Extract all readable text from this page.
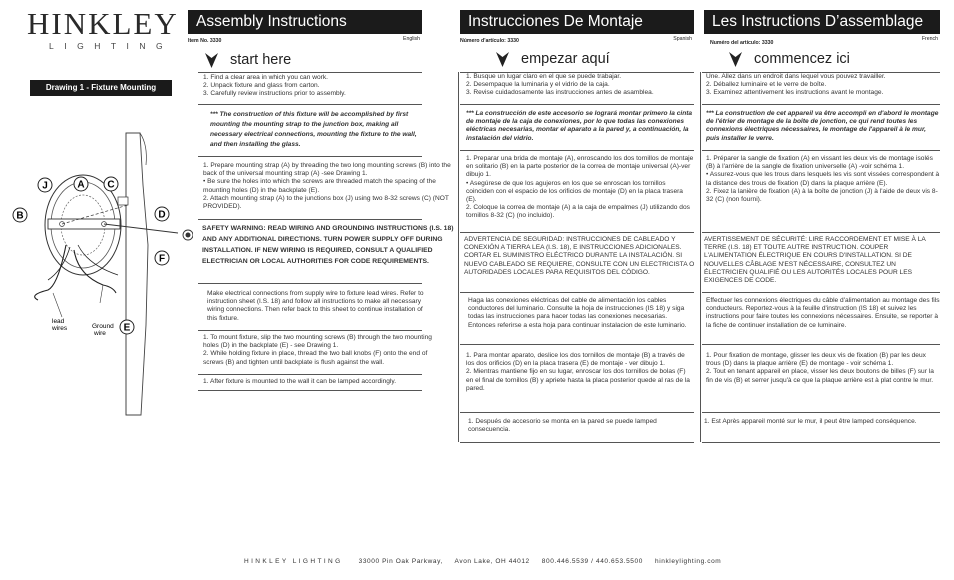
HINKLEY
LIGHTING
Drawing 1 - Fixture Mounting
J	A C
B	D
F
E
lead wires	Ground wire
Assembly Instructions
Item No. 3330	English
start here
1. Find a clear area in which you can work.
2. Unpack fixture and glass from carton.
3. Carefully review instructions prior to assembly.
*** The construction of this fixture will be accomplished by first mounting the mounting strap to the junction box, making all necessary electrical connections, mounting the fixture to the wall, and then installing the glass.
1. Prepare mounting strap (A) by threading the two long mounting screws (B) into the back of the universal mounting strap (A) -see Drawing 1.
• Be sure the holes into which the screws are threaded match the spacing of the mounting holes (D) in the backplate (E).
2. Attach mounting strap (A) to the junctions box (J) using two 8-32 screws (C) (NOT PROVIDED).
SAFETY WARNING: READ WIRING AND GROUNDING INSTRUCTIONS (I.S. 18) AND ANY ADDITIONAL DIRECTIONS. TURN POWER SUPPLY OFF DURING INSTALLATION. IF NEW WIRING IS REQUIRED, CONSULT A QUALIFIED ELECTRICIAN OR LOCAL AUTHORITIES FOR CODE REQUIREMENTS.
Make electrical connections from supply wire to fixture lead wires. Refer to instruction sheet (I.S. 18) and follow all instructions to make all necessary wiring connections. Then refer back to this sheet to continue installation of this fixture.
1. To mount fixture, slip the two mounting screws (B) through the two mounting holes (D) in the backplate (E) - see Drawing 1.
2. While holding fixture in place, thread the two ball knobs (F) onto the end of screws (B) and tighten until backplate is flush against the wall.
1. After fixture is mounted to the wall it can be lamped accordingly.
Instrucciones De Montaje
Número d'artículo: 3330	Spanish
empezar aquí
1. Busque un lugar claro en el que se puede trabajar.
2. Desempaque la luminaria y el vidrio de la caja.
3. Revise cuidadosamente las instrucciones antes de asamblea.
*** La construcción de este accesorio se logrará montar primero la cinta de montaje de la caja de conexiones, por lo que todas las conexiones eléctricas necesarias, montar el aparato a la pared y, a continuación, la instalación del vidrio.
1. Preparar una brida de montaje (A), enroscando los dos tornillos de montaje en solitario (B) en la parte posterior de la correa de montaje universal (A)-ver dibujo 1.
• Asegúrese de que los agujeros en los que se enroscan los tornillos coinciden con el espacio de los orificios de montaje (D) en la placa trasera (E).
2. Coloque la correa de montaje (A) a la caja de empalmes (J) utilizando dos tornillos 8-32 (C) (no incluido).
ADVERTENCIA DE SEGURIDAD: INSTRUCCIONES DE CABLEADO Y CONEXIÓN A TIERRA LEA (I.S. 18), E INSTRUCCIONES ADICIONALES. CORTAR EL SUMINISTRO ELÉCTRICO DURANTE LA INSTALACIÓN. SI NUEVO CABLEADO SE REQUIERE, CONSULTE CON UN ELECTRICISTA O AUTORIDADES LOCALES PARA REQUISITOS DEL CÓDIGO.
Haga las conexiones eléctricas del cable de alimentación los cables conductores del luminario. Consulte la hoja de instrucciones (IS 18) y siga todas las instrucciones para hacer todas las conexiones necesarias. Entonces referirse a esta hoja para continuar instalacion de este luminario.
1. Para montar aparato, deslice los dos tornillos de montaje (B) a través de los dos orificios (D) en la placa trasera (E) de montaje - ver dibujo 1.
2. Mientras mantiene fijo en su lugar, enroscar los dos tornillos de bolas (F) en el final de tornillos (B) y apriete hasta la placa posterior quede al ras de la pared.
1. Después de accesorio se monta en la pared se puede lamped consecuencia.
Les Instructions D’assemblage
Numéro del artículo: 3330
French
commencez ici
Une. Allez dans un endroit dans lequel vous pouvez travailler.
2. Déballez luminaire et le verre de boîte.
3. Examinez attentivement les instructions avant le montage.
*** La construction de cet appareil va être accompli en d'abord le montage de l'étrier de montage de la boîte de jonction, ce qui rend toutes les connexions électriques nécessaires, le montage de l'appareil à le mur, puis installer le verre.
1. Préparer la sangle de fixation (A) en vissant les deux vis de montage isolés (B) à l'arrière de la sangle de fixation universelle (A) -voir schéma 1.
• Assurez-vous que les trous dans lesquels les vis sont vissées correspondent à la distance des trous de fixation (D) dans la plaque arrière (E).
2. Fixez la lanière de fixation (A) à la boîte de jonction (J) à l'aide de deux vis 8-32 (C) (non fourni).
AVERTISSEMENT DE SÉCURITÉ: LIRE RACCORDEMENT ET MISE À LA TERRE (I.S. 18) ET TOUTE AUTRE INSTRUCTION. COUPER L'ALIMENTATION ÉLECTRIQUE EN COURS D'INSTALLATION. SI DE NOUVELLES CÂBLAGE N'EST NÉCESSAIRE, CONSULTEZ UN ÉLECTRICIEN QUALIFIÉ OU LES AUTORITÉS LOCALES POUR LES EXIGENCES DE CODE.
Effectuer les connexions électriques du câble d'alimentation au montage des fils conducteurs. Reportez-vous à la feuille d'instruction (IS 18) et suivez les instructions pour faire toutes les connexions nécessaires. Ensuite, se reporter à la fiche de continuer installation de ce luminaire.
1. Pour fixation de montage, glisser les deux vis de fixation (B) par les deux trous (D) dans la plaque arrière (E) de montage - voir schéma 1.
2. Tout en tenant appareil en place, visser les deux boutons de billes (F) sur la fin de vis (B) et serrer jusqu'à ce que la plaque arrière est à plat contre le mur.
1. Est Après appareil monté sur le mur, il peut être lamped conséquence.
HINKLEY LIGHTING 33000 Pin Oak Parkway,     Avon Lake, OH 44012     800.446.5539 / 440.653.5500     hinkleylighting.com
